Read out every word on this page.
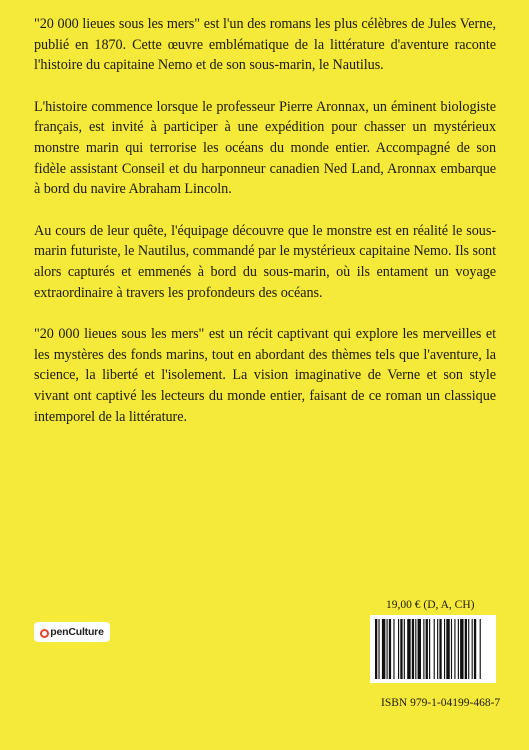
"20 000 lieues sous les mers" est l'un des romans les plus célèbres de Jules Verne, publié en 1870. Cette œuvre emblématique de la littérature d'aventure raconte l'histoire du capitaine Nemo et de son sous-marin, le Nautilus.

L'histoire commence lorsque le professeur Pierre Aronnax, un éminent biologiste français, est invité à participer à une expédition pour chasser un mystérieux monstre marin qui terrorise les océans du monde entier. Accompagné de son fidèle assistant Conseil et du harponneur canadien Ned Land, Aronnax embarque à bord du navire Abraham Lincoln.

Au cours de leur quête, l'équipage découvre que le monstre est en réalité le sous-marin futuriste, le Nautilus, commandé par le mystérieux capitaine Nemo. Ils sont alors capturés et emmenés à bord du sous-marin, où ils entament un voyage extraordinaire à travers les profondeurs des océans.

"20 000 lieues sous les mers" est un récit captivant qui explore les merveilles et les mystères des fonds marins, tout en abordant des thèmes tels que l'aventure, la science, la liberté et l'isolement. La vision imaginative de Verne et son style vivant ont captivé les lecteurs du monde entier, faisant de ce roman un classique intemporel de la littérature.

pen Culture
19,00 € (D, A, CH)
ISBN 979-1-04199-468-7
